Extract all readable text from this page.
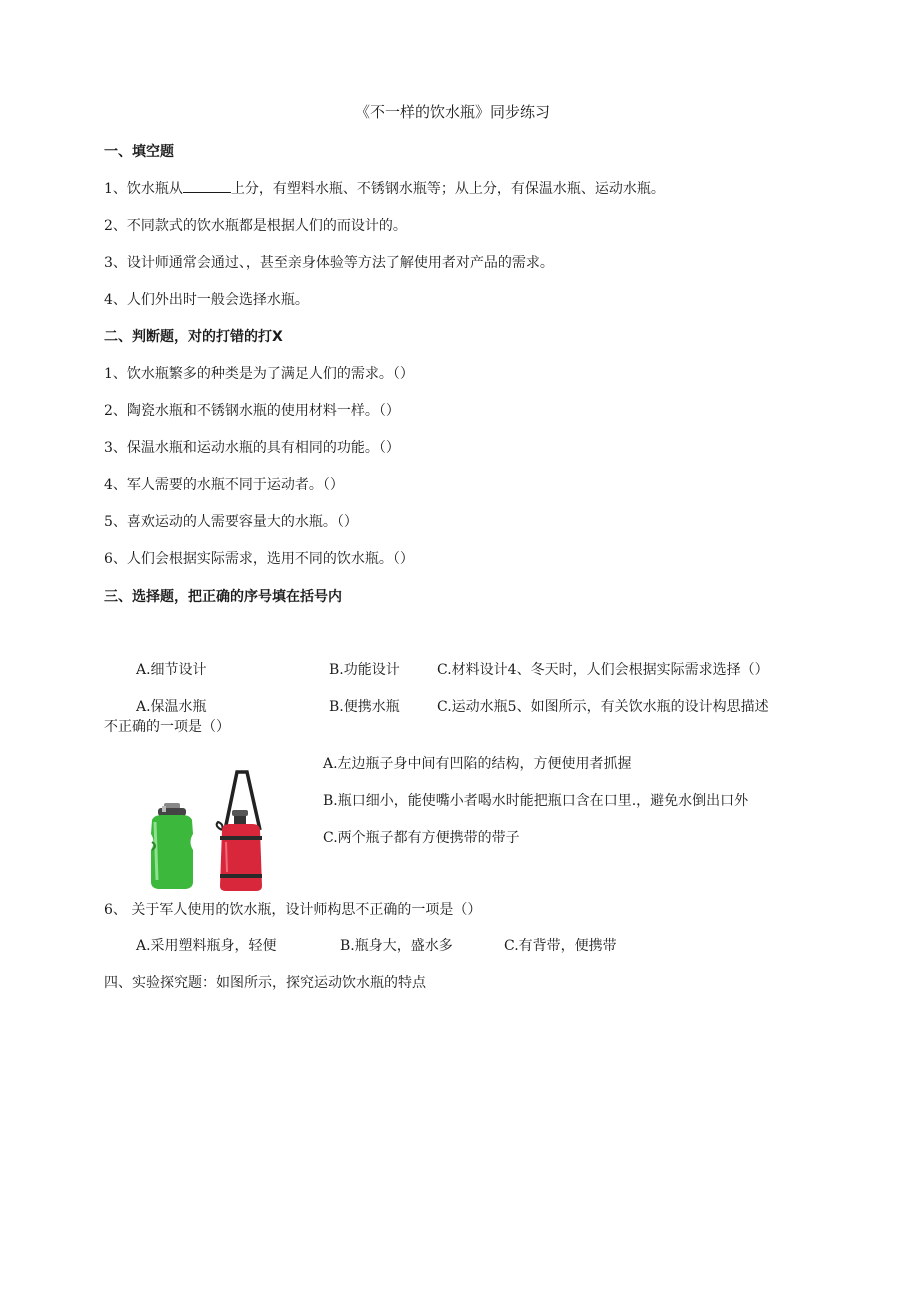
《不一样的饮水瓶》同步练习
一、填空题
1、饮水瓶从	上分，有塑料水瓶、不锈钢水瓶等；从上分，有保温水瓶、运动水瓶。
2、不同款式的饮水瓶都是根据人们的而设计的。
3、设计师通常会通过、，甚至亲身体验等方法了解使用者对产品的需求。
4、人们外出时一般会选择水瓶。
二、判断题，对的打错的打X
1、饮水瓶繁多的种类是为了满足人们的需求。（）
2、陶瓷水瓶和不锈钢水瓶的使用材料一样。（）
3、保温水瓶和运动水瓶的具有相同的功能。（）
4、军人需要的水瓶不同于运动者。（）
5、喜欢运动的人需要容量大的水瓶。（）
6、人们会根据实际需求，选用不同的饮水瓶。（）
三、选择题，把正确的序号填在括号内
A.细节设计	B.功能设计	C.材料设计4、冬天时，人们会根据实际需求选择（）
A.保温水瓶	B.便携水瓶	C.运动水瓶5、如图所示，有关饮水瓶的设计构思描述
不正确的一项是（）
A.左边瓶子身中间有凹陷的结构，方便使用者抓握
B.瓶口细小，能使嘴小者喝水时能把瓶口含在口里.，避免水倒出口外
C.两个瓶子都有方便携带的带子
6、 关于军人使用的饮水瓶，设计师构思不正确的一项是（）
A.采用塑料瓶身，轻便	B.瓶身大，盛水多	C.有背带，便携带
四、实验探究题：如图所示，探究运动饮水瓶的特点
